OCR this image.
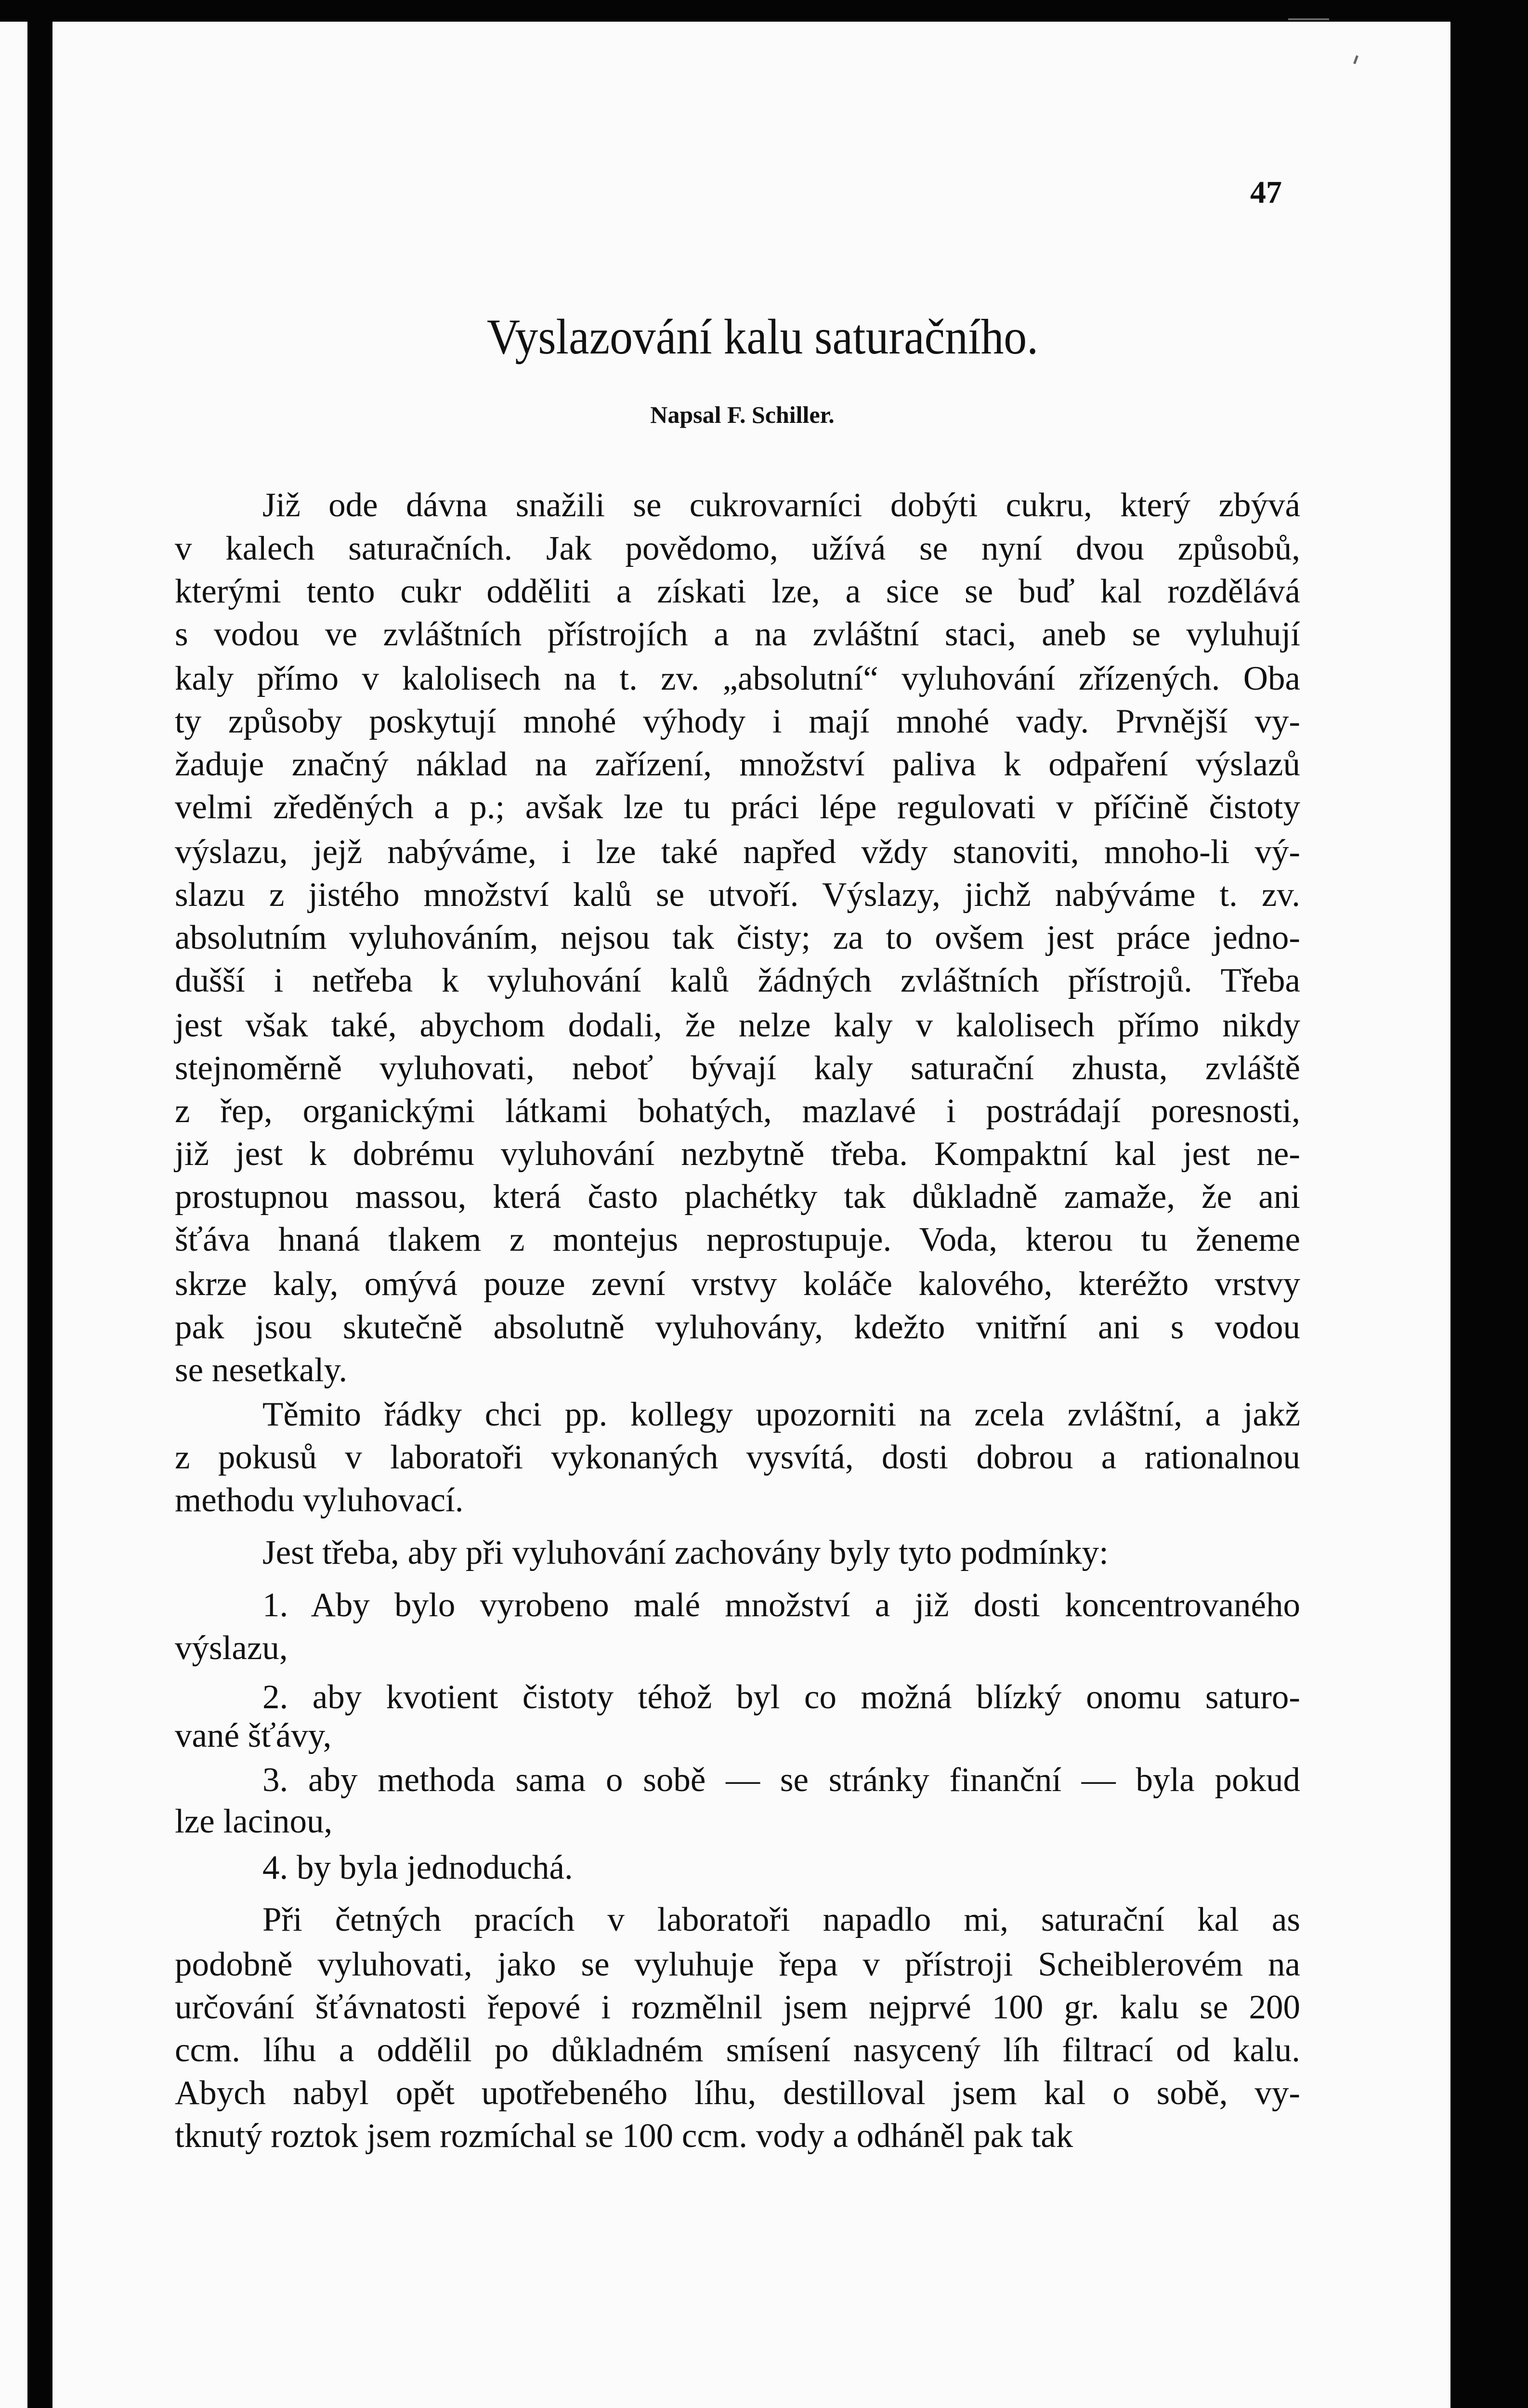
47
Vyslazování kalu saturačního.
Napsal F. Schiller.
Již ode dávna snažili se cukrovarníci dobýti cukru, který zbývá
v kalech saturačních. Jak povědomo, užívá se nyní dvou způsobů,
kterými tento cukr odděliti a získati lze, a sice se buď kal rozdělává
s vodou ve zvláštních přístrojích a na zvláštní staci, aneb se vyluhují
kaly přímo v kalolisech na t. zv. „absolutní“ vyluhování zřízených. Oba
ty způsoby poskytují mnohé výhody i mají mnohé vady. Prvnější vy-
žaduje značný náklad na zařízení, množství paliva k odpaření výslazů
velmi zředěných a p.; avšak lze tu práci lépe regulovati v příčině čistoty
výslazu, jejž nabýváme, i lze také napřed vždy stanoviti, mnoho-li vý-
slazu z jistého množství kalů se utvoří. Výslazy, jichž nabýváme t. zv.
absolutním vyluhováním, nejsou tak čisty; za to ovšem jest práce jedno-
dušší i netřeba k vyluhování kalů žádných zvláštních přístrojů. Třeba
jest však také, abychom dodali, že nelze kaly v kalolisech přímo nikdy
stejnoměrně vyluhovati, neboť bývají kaly saturační zhusta, zvláště
z řep, organickými látkami bohatých, mazlavé i postrádají poresnosti,
již jest k dobrému vyluhování nezbytně třeba. Kompaktní kal jest ne-
prostupnou massou, která často plachétky tak důkladně zamaže, že ani
šťáva hnaná tlakem z montejus neprostupuje. Voda, kterou tu ženeme
skrze kaly, omývá pouze zevní vrstvy koláče kalového, kteréžto vrstvy
pak jsou skutečně absolutně vyluhovány, kdežto vnitřní ani s vodou
se nesetkaly.
Těmito řádky chci pp. kollegy upozorniti na zcela zvláštní, a jakž
z pokusů v laboratoři vykonaných vysvítá, dosti dobrou a rationalnou
methodu vyluhovací.
Jest třeba, aby při vyluhování zachovány byly tyto podmínky:
1. Aby bylo vyrobeno malé množství a již dosti koncentrovaného
výslazu,
2. aby kvotient čistoty téhož byl co možná blízký onomu saturo-
vané šťávy,
3. aby methoda sama o sobě — se stránky finanční — byla pokud
lze lacinou,
4. by byla jednoduchá.
Při četných pracích v laboratoři napadlo mi, saturační kal as
podobně vyluhovati, jako se vyluhuje řepa v přístroji Scheiblerovém na
určování šťávnatosti řepové i rozmělnil jsem nejprvé 100 gr. kalu se 200
ccm. líhu a oddělil po důkladném smísení nasycený líh filtrací od kalu.
Abych nabyl opět upotřebeného líhu, destilloval jsem kal o sobě, vy-
tknutý roztok jsem rozmíchal se 100 ccm. vody a odháněl pak tak
